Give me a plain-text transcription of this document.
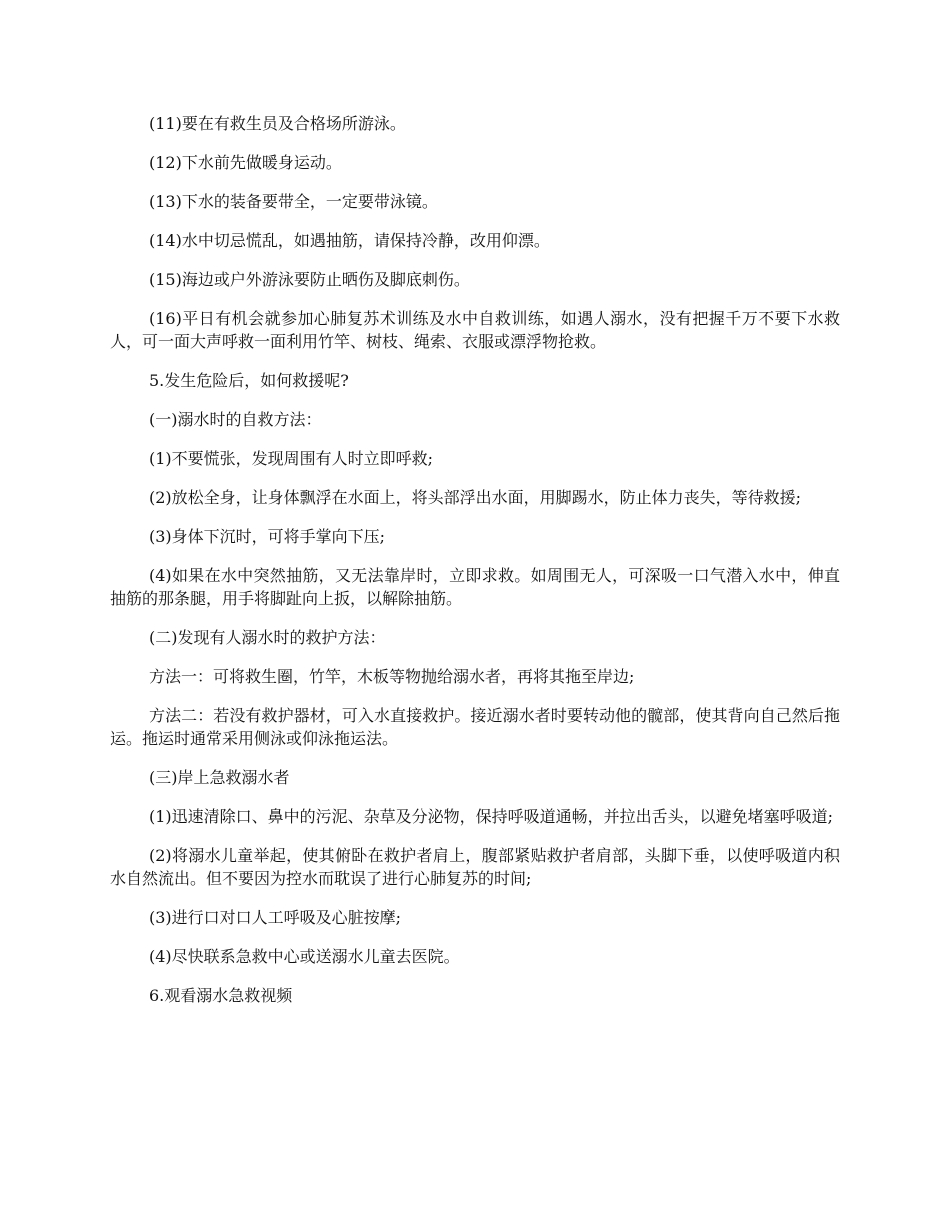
(11)要在有救生员及合格场所游泳。

(12)下水前先做暖身运动。

(13)下水的装备要带全，一定要带泳镜。

(14)水中切忌慌乱，如遇抽筋，请保持冷静，改用仰漂。

(15)海边或户外游泳要防止晒伤及脚底刺伤。

(16)平日有机会就参加心肺复苏术训练及水中自救训练，如遇人溺水，没有把握千万不要下水救人，可一面大声呼救一面利用竹竿、树枝、绳索、衣服或漂浮物抢救。

5.发生危险后，如何救援呢?

(一)溺水时的自救方法：

(1)不要慌张，发现周围有人时立即呼救;

(2)放松全身，让身体飘浮在水面上，将头部浮出水面，用脚踢水，防止体力丧失，等待救援;

(3)身体下沉时，可将手掌向下压;

(4)如果在水中突然抽筋，又无法靠岸时，立即求救。如周围无人，可深吸一口气潜入水中，伸直抽筋的那条腿，用手将脚趾向上扳，以解除抽筋。

(二)发现有人溺水时的救护方法：

方法一：可将救生圈，竹竿，木板等物抛给溺水者，再将其拖至岸边;

方法二：若没有救护器材，可入水直接救护。接近溺水者时要转动他的髋部，使其背向自己然后拖运。拖运时通常采用侧泳或仰泳拖运法。

(三)岸上急救溺水者

(1)迅速清除口、鼻中的污泥、杂草及分泌物，保持呼吸道通畅，并拉出舌头，以避免堵塞呼吸道;

(2)将溺水儿童举起，使其俯卧在救护者肩上，腹部紧贴救护者肩部，头脚下垂，以使呼吸道内积水自然流出。但不要因为控水而耽误了进行心肺复苏的时间;

(3)进行口对口人工呼吸及心脏按摩;

(4)尽快联系急救中心或送溺水儿童去医院。

6.观看溺水急救视频
